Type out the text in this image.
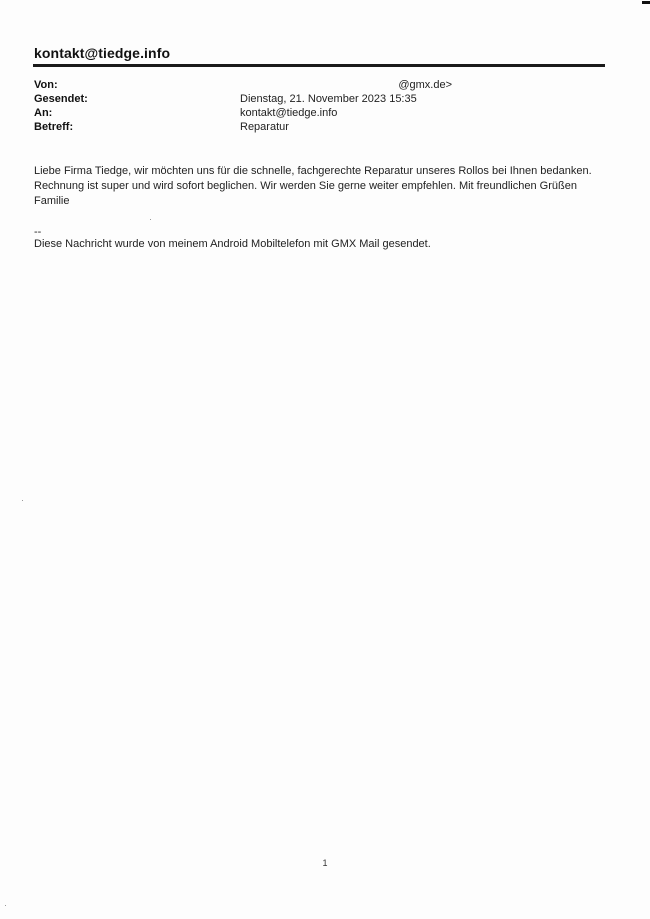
kontakt@tiedge.info
Von:	@gmx.de>
Gesendet:	Dienstag, 21. November 2023 15:35
An:	kontakt@tiedge.info
Betreff:	Reparatur

Liebe Firma Tiedge, wir möchten uns für die schnelle, fachgerechte Reparatur unseres Rollos bei Ihnen bedanken.

Rechnung ist super und wird sofort beglichen. Wir werden Sie gerne weiter empfehlen. Mit freundlichen Grüßen

Familie

--
Diese Nachricht wurde von meinem Android Mobiltelefon mit GMX Mail gesendet.
1
